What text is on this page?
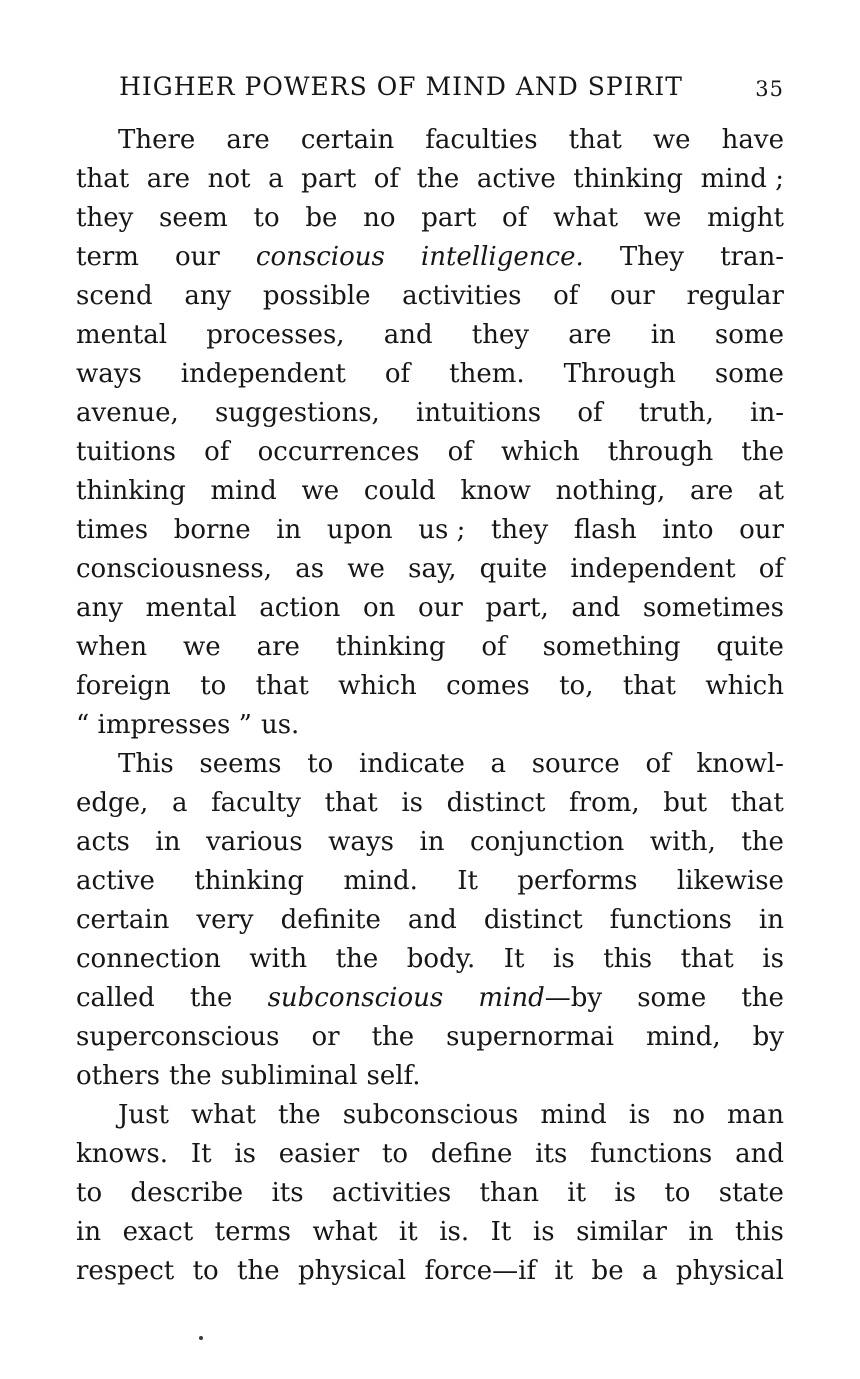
HIGHER POWERS OF MIND AND SPIRIT	35
There are certain faculties that we have
that are not a part of the active thinking mind ;
they seem to be no part of what we might
term our conscious intelligence. They tran-
scend any possible activities of our regular
mental processes, and they are in some
ways independent of them. Through some
avenue, suggestions, intuitions of truth, in-
tuitions of occurrences of which through the
thinking mind we could know nothing, are at
times borne in upon us ; they flash into our
consciousness, as we say, quite independent of
any mental action on our part, and sometimes
when we are thinking of something quite
foreign to that which comes to, that which
“ impresses ” us.
This seems to indicate a source of knowl-
edge, a faculty that is distinct from, but that
acts in various ways in conjunction with, the
active thinking mind. It performs likewise
certain very definite and distinct functions in
connection with the body. It is this that is
called the subconscious mind—by some the
superconscious or the supernormai mind, by
others the subliminal self.
Just what the subconscious mind is no man
knows. It is easier to define its functions and
to describe its activities than it is to state
in exact terms what it is. It is similar in this
respect to the physical force—if it be a physical
